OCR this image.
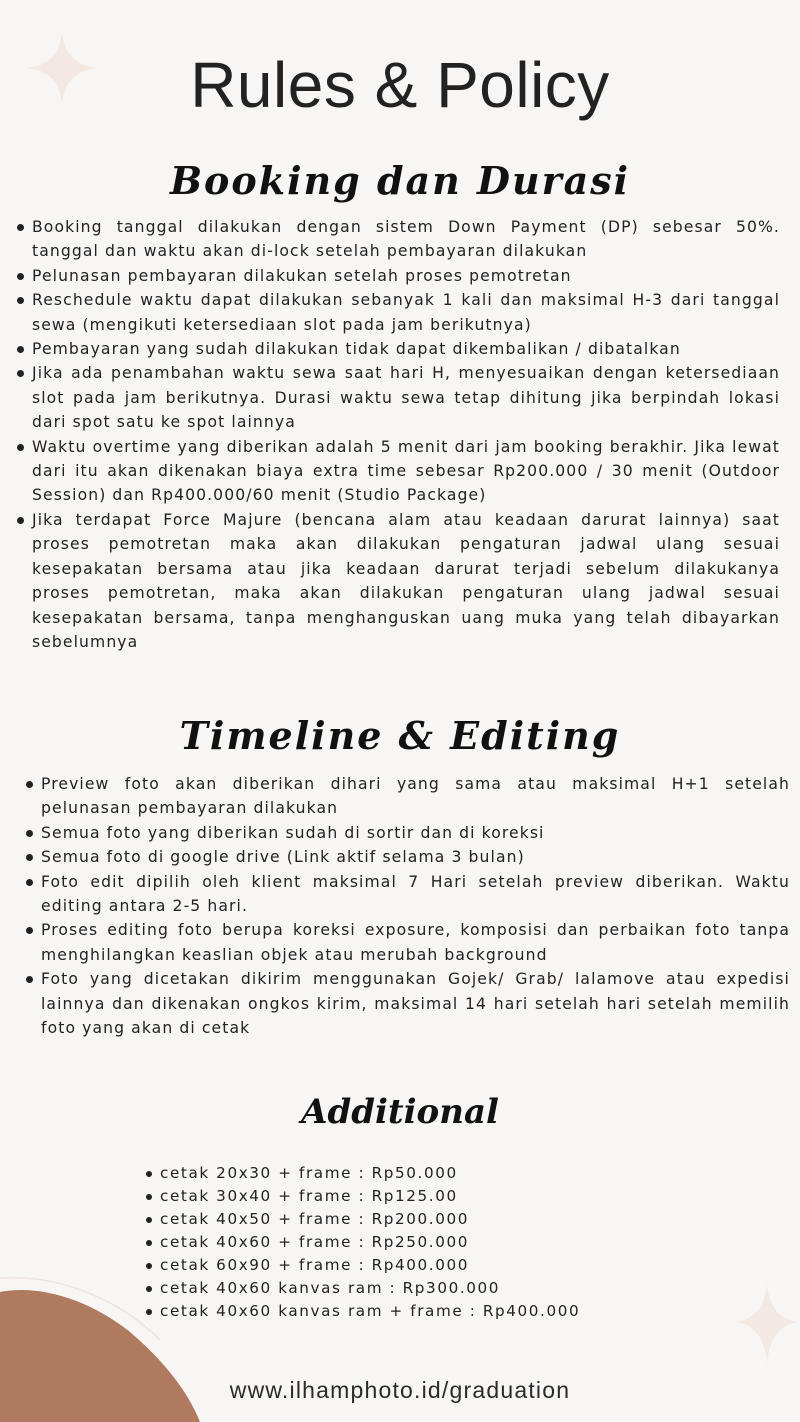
Rules & Policy
Booking dan Durasi
Booking tanggal dilakukan dengan sistem Down Payment (DP) sebesar 50%. tanggal dan waktu akan di-lock setelah pembayaran dilakukan
Pelunasan pembayaran dilakukan setelah proses pemotretan
Reschedule waktu dapat dilakukan sebanyak 1 kali dan maksimal H-3 dari tanggal sewa (mengikuti ketersediaan slot pada jam berikutnya)
Pembayaran yang sudah dilakukan tidak dapat dikembalikan / dibatalkan
Jika ada penambahan waktu sewa saat hari H, menyesuaikan dengan ketersediaan slot pada jam berikutnya. Durasi waktu sewa tetap dihitung jika berpindah lokasi dari spot satu ke spot lainnya
Waktu overtime yang diberikan adalah 5 menit dari jam booking berakhir. Jika lewat dari itu akan dikenakan biaya extra time sebesar Rp200.000 / 30 menit (Outdoor Session) dan Rp400.000/60 menit (Studio Package)
Jika terdapat Force Majure (bencana alam atau keadaan darurat lainnya) saat proses pemotretan maka akan dilakukan pengaturan jadwal ulang sesuai kesepakatan bersama atau jika keadaan darurat terjadi sebelum dilakukanya proses pemotretan, maka akan dilakukan pengaturan ulang jadwal sesuai kesepakatan bersama, tanpa menghanguskan uang muka yang telah dibayarkan sebelumnya
Timeline & Editing
Preview foto akan diberikan dihari yang sama atau maksimal H+1 setelah pelunasan pembayaran dilakukan
Semua foto yang diberikan sudah di sortir dan di koreksi
Semua foto di google drive (Link aktif selama 3 bulan)
Foto edit dipilih oleh klient maksimal 7 Hari setelah preview diberikan. Waktu editing antara 2-5 hari.
Proses editing foto berupa koreksi exposure, komposisi dan perbaikan foto tanpa menghilangkan keaslian objek atau merubah background
Foto yang dicetakan dikirim menggunakan Gojek/ Grab/ lalamove atau expedisi lainnya dan dikenakan ongkos kirim, maksimal 14 hari setelah hari setelah memilih foto yang akan di cetak
Additional
cetak 20x30 + frame : Rp50.000
cetak 30x40 + frame : Rp125.00
cetak 40x50 + frame : Rp200.000
cetak 40x60 + frame : Rp250.000
cetak 60x90 + frame : Rp400.000
cetak 40x60 kanvas ram : Rp300.000
cetak 40x60 kanvas ram + frame : Rp400.000
www.ilhamphoto.id/graduation
